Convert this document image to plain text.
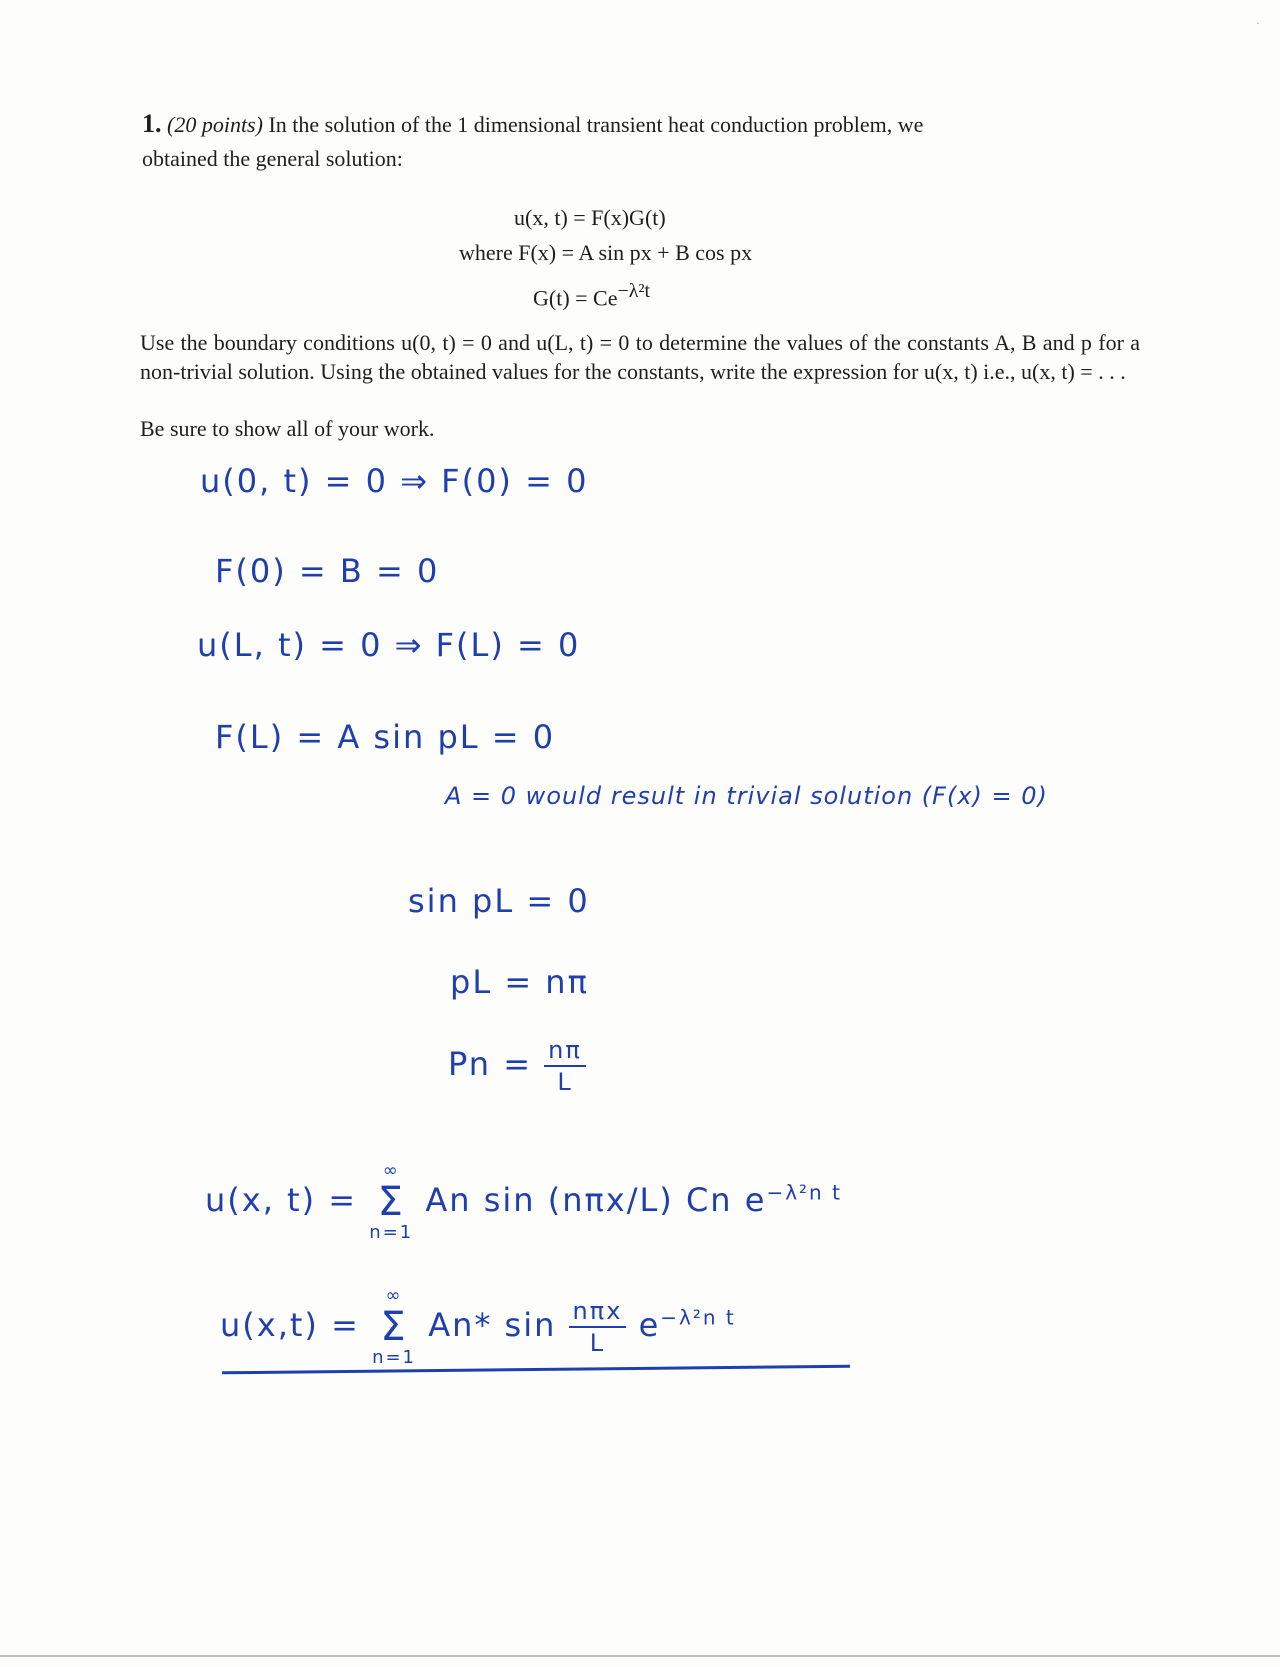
·
1. (20 points) In the solution of the 1 dimensional transient heat conduction problem, we
obtained the general solution:
u(x, t) = F(x)G(t)
where F(x) = A sin px + B cos px
$G(t) = Ce^{-\lambda^2t}$
Use the boundary conditions u(0, t) = 0 and u(L, t) = 0 to determine the values of the constants A, B and p for a non-trivial solution. Using the obtained values for the constants, write the expression for u(x, t) i.e., u(x, t) = . . .
Be sure to show all of your work.
u(0, t) = 0 ⇒ F(0) = 0
F(0) = B = 0
u(L, t) = 0 ⇒ F(L) = 0
F(L) = A sin pL = 0
A = 0 would result in trivial solution (F(x) = 0)
sin pL = 0
pL = nπ
$Pn = \frac{n\pi}{L}$
u(x, t) =
∞
Σ
n=1
An sin (nπx/L) Cn $e^{-\lambda^2n t}$
u(x,t) =
∞
Σ
n=1
An* $\sin \frac{\text{nπx}}{L} e^{-\lambda^2n t}$
